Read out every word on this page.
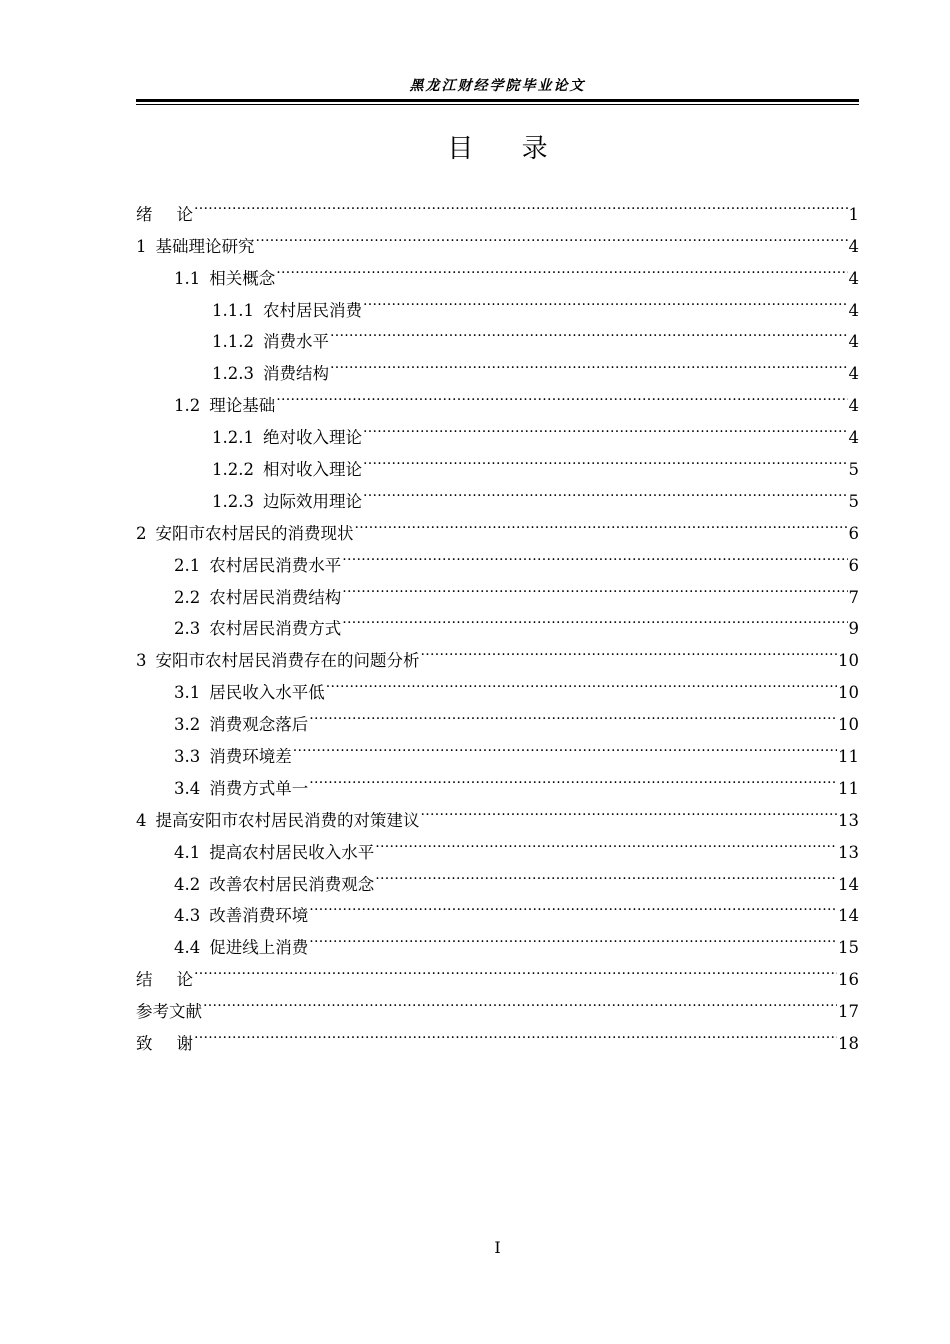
黑龙江财经学院毕业论文
目 录
绪论 .....	1
1 基础理论研究 .....	4
1.1 相关概念 .....	4
1.1.1 农村居民消费 .....	4
1.1.2 消费水平 .....	4
1.2.3 消费结构 .....	4
1.2 理论基础 .....	4
1.2.1 绝对收入理论 .....	4
1.2.2 相对收入理论 .....	5
1.2.3 边际效用理论 .....	5
2 安阳市农村居民的消费现状 .....	6
2.1 农村居民消费水平 .....	6
2.2 农村居民消费结构 .....	7
2.3 农村居民消费方式 .....	9
3 安阳市农村居民消费存在的问题分析 .....	10
3.1 居民收入水平低 .....	10
3.2 消费观念落后 .....	10
3.3 消费环境差 .....	11
3.4 消费方式单一 .....	11
4 提高安阳市农村居民消费的对策建议 .....	13
4.1 提高农村居民收入水平 .....	13
4.2 改善农村居民消费观念 .....	14
4.3 改善消费环境 .....	14
4.4 促进线上消费 .....	15
结论 .....	16
参考文献 .....	17
致谢 .....	18
I
